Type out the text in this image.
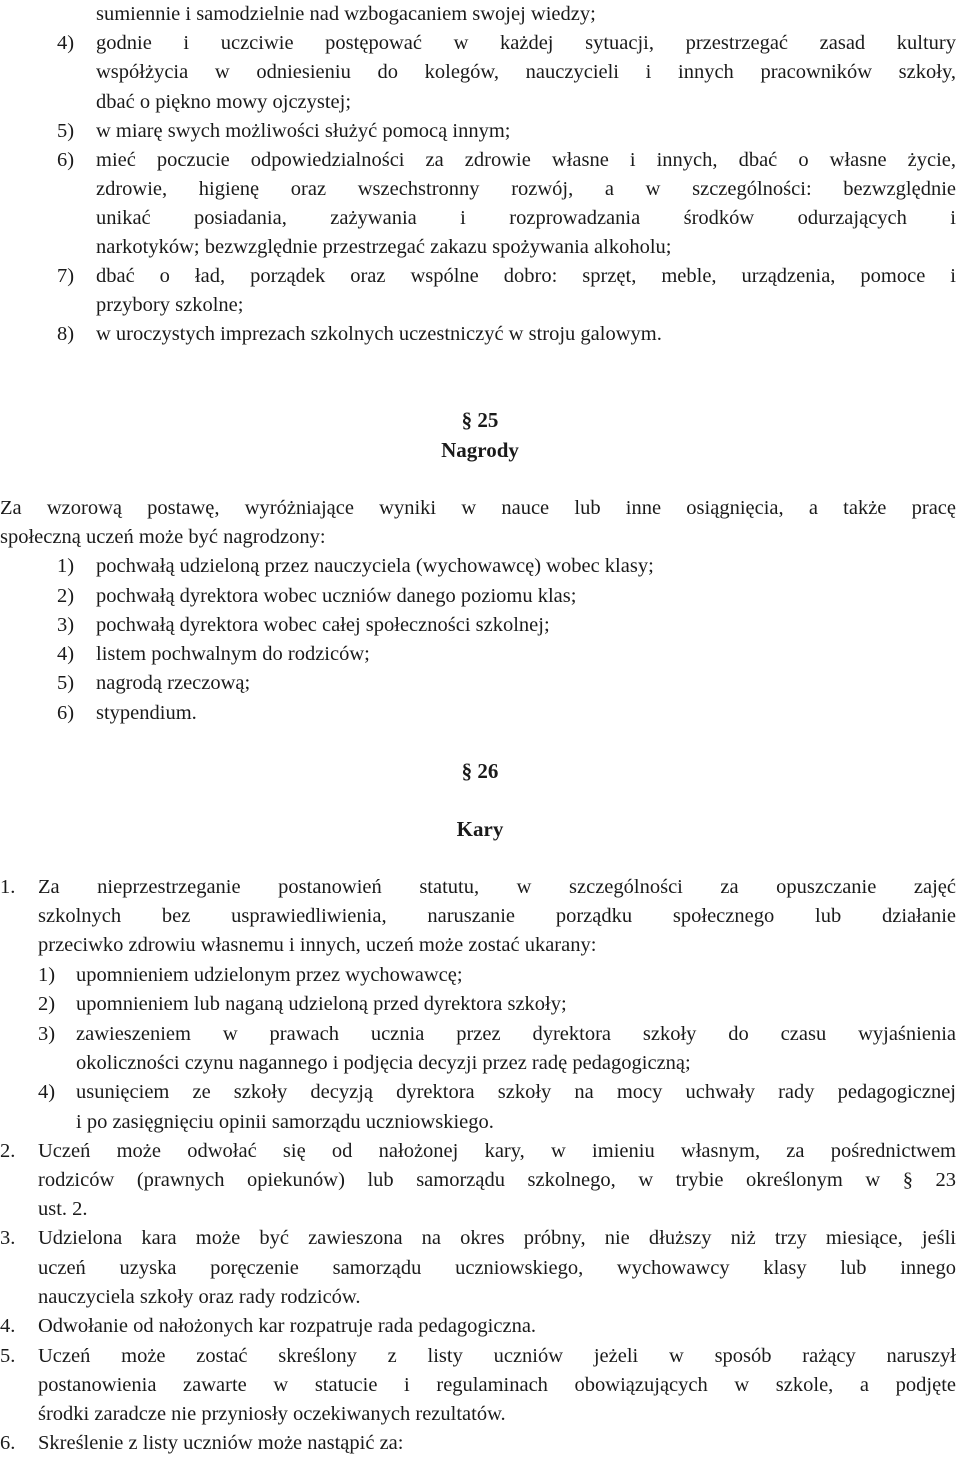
sumiennie i samodzielnie nad wzbogacaniem swojej wiedzy;
4) godnie i uczciwie postępować w każdej sytuacji, przestrzegać zasad kultury
współżycia w odniesieniu do kolegów, nauczycieli i innych pracowników szkoły,
dbać o piękno mowy ojczystej;
5) w miarę swych możliwości służyć pomocą innym;
6) mieć poczucie odpowiedzialności za zdrowie własne i innych, dbać o własne życie,
zdrowie, higienę oraz wszechstronny rozwój, a w szczególności: bezwzględnie
unikać posiadania, zażywania i rozprowadzania środków odurzających i
narkotyków; bezwzględnie przestrzegać zakazu spożywania alkoholu;
7) dbać o ład, porządek oraz wspólne dobro: sprzęt, meble, urządzenia, pomoce i
przybory szkolne;
8) w uroczystych imprezach szkolnych uczestniczyć w stroju galowym.
§ 25
Nagrody
Za wzorową postawę, wyróżniające wyniki w nauce lub inne osiągnięcia, a także pracę
społeczną uczeń może być nagrodzony:
1) pochwałą udzieloną przez nauczyciela (wychowawcę) wobec klasy;
2) pochwałą dyrektora wobec uczniów danego poziomu klas;
3) pochwałą dyrektora wobec całej społeczności szkolnej;
4) listem pochwalnym do rodziców;
5) nagrodą rzeczową;
6) stypendium.
§ 26
Kary
1. Za nieprzestrzeganie postanowień statutu, w szczególności za opuszczanie zajęć
szkolnych bez usprawiedliwienia, naruszanie porządku społecznego lub działanie
przeciwko zdrowiu własnemu i innych, uczeń może zostać ukarany:
1) upomnieniem udzielonym przez wychowawcę;
2) upomnieniem lub naganą udzieloną przed dyrektora szkoły;
3) zawieszeniem w prawach ucznia przez dyrektora szkoły do czasu wyjaśnienia
okoliczności czynu nagannego i podjęcia decyzji przez radę pedagogiczną;
4) usunięciem ze szkoły decyzją dyrektora szkoły na mocy uchwały rady pedagogicznej
i po zasięgnięciu opinii samorządu uczniowskiego.
2. Uczeń może odwołać się od nałożonej kary, w imieniu własnym, za pośrednictwem
rodziców (prawnych opiekunów) lub samorządu szkolnego, w trybie określonym w § 23
ust. 2.
3. Udzielona kara może być zawieszona na okres próbny, nie dłuższy niż trzy miesiące, jeśli
uczeń uzyska poręczenie samorządu uczniowskiego, wychowawcy klasy lub innego
nauczyciela szkoły oraz rady rodziców.
4. Odwołanie od nałożonych kar rozpatruje rada pedagogiczna.
5. Uczeń może zostać skreślony z listy uczniów jeżeli w sposób rażący naruszył
postanowienia zawarte w statucie i regulaminach obowiązujących w szkole, a podjęte
środki zaradcze nie przyniosły oczekiwanych rezultatów.
6. Skreślenie z listy uczniów może nastąpić za:
